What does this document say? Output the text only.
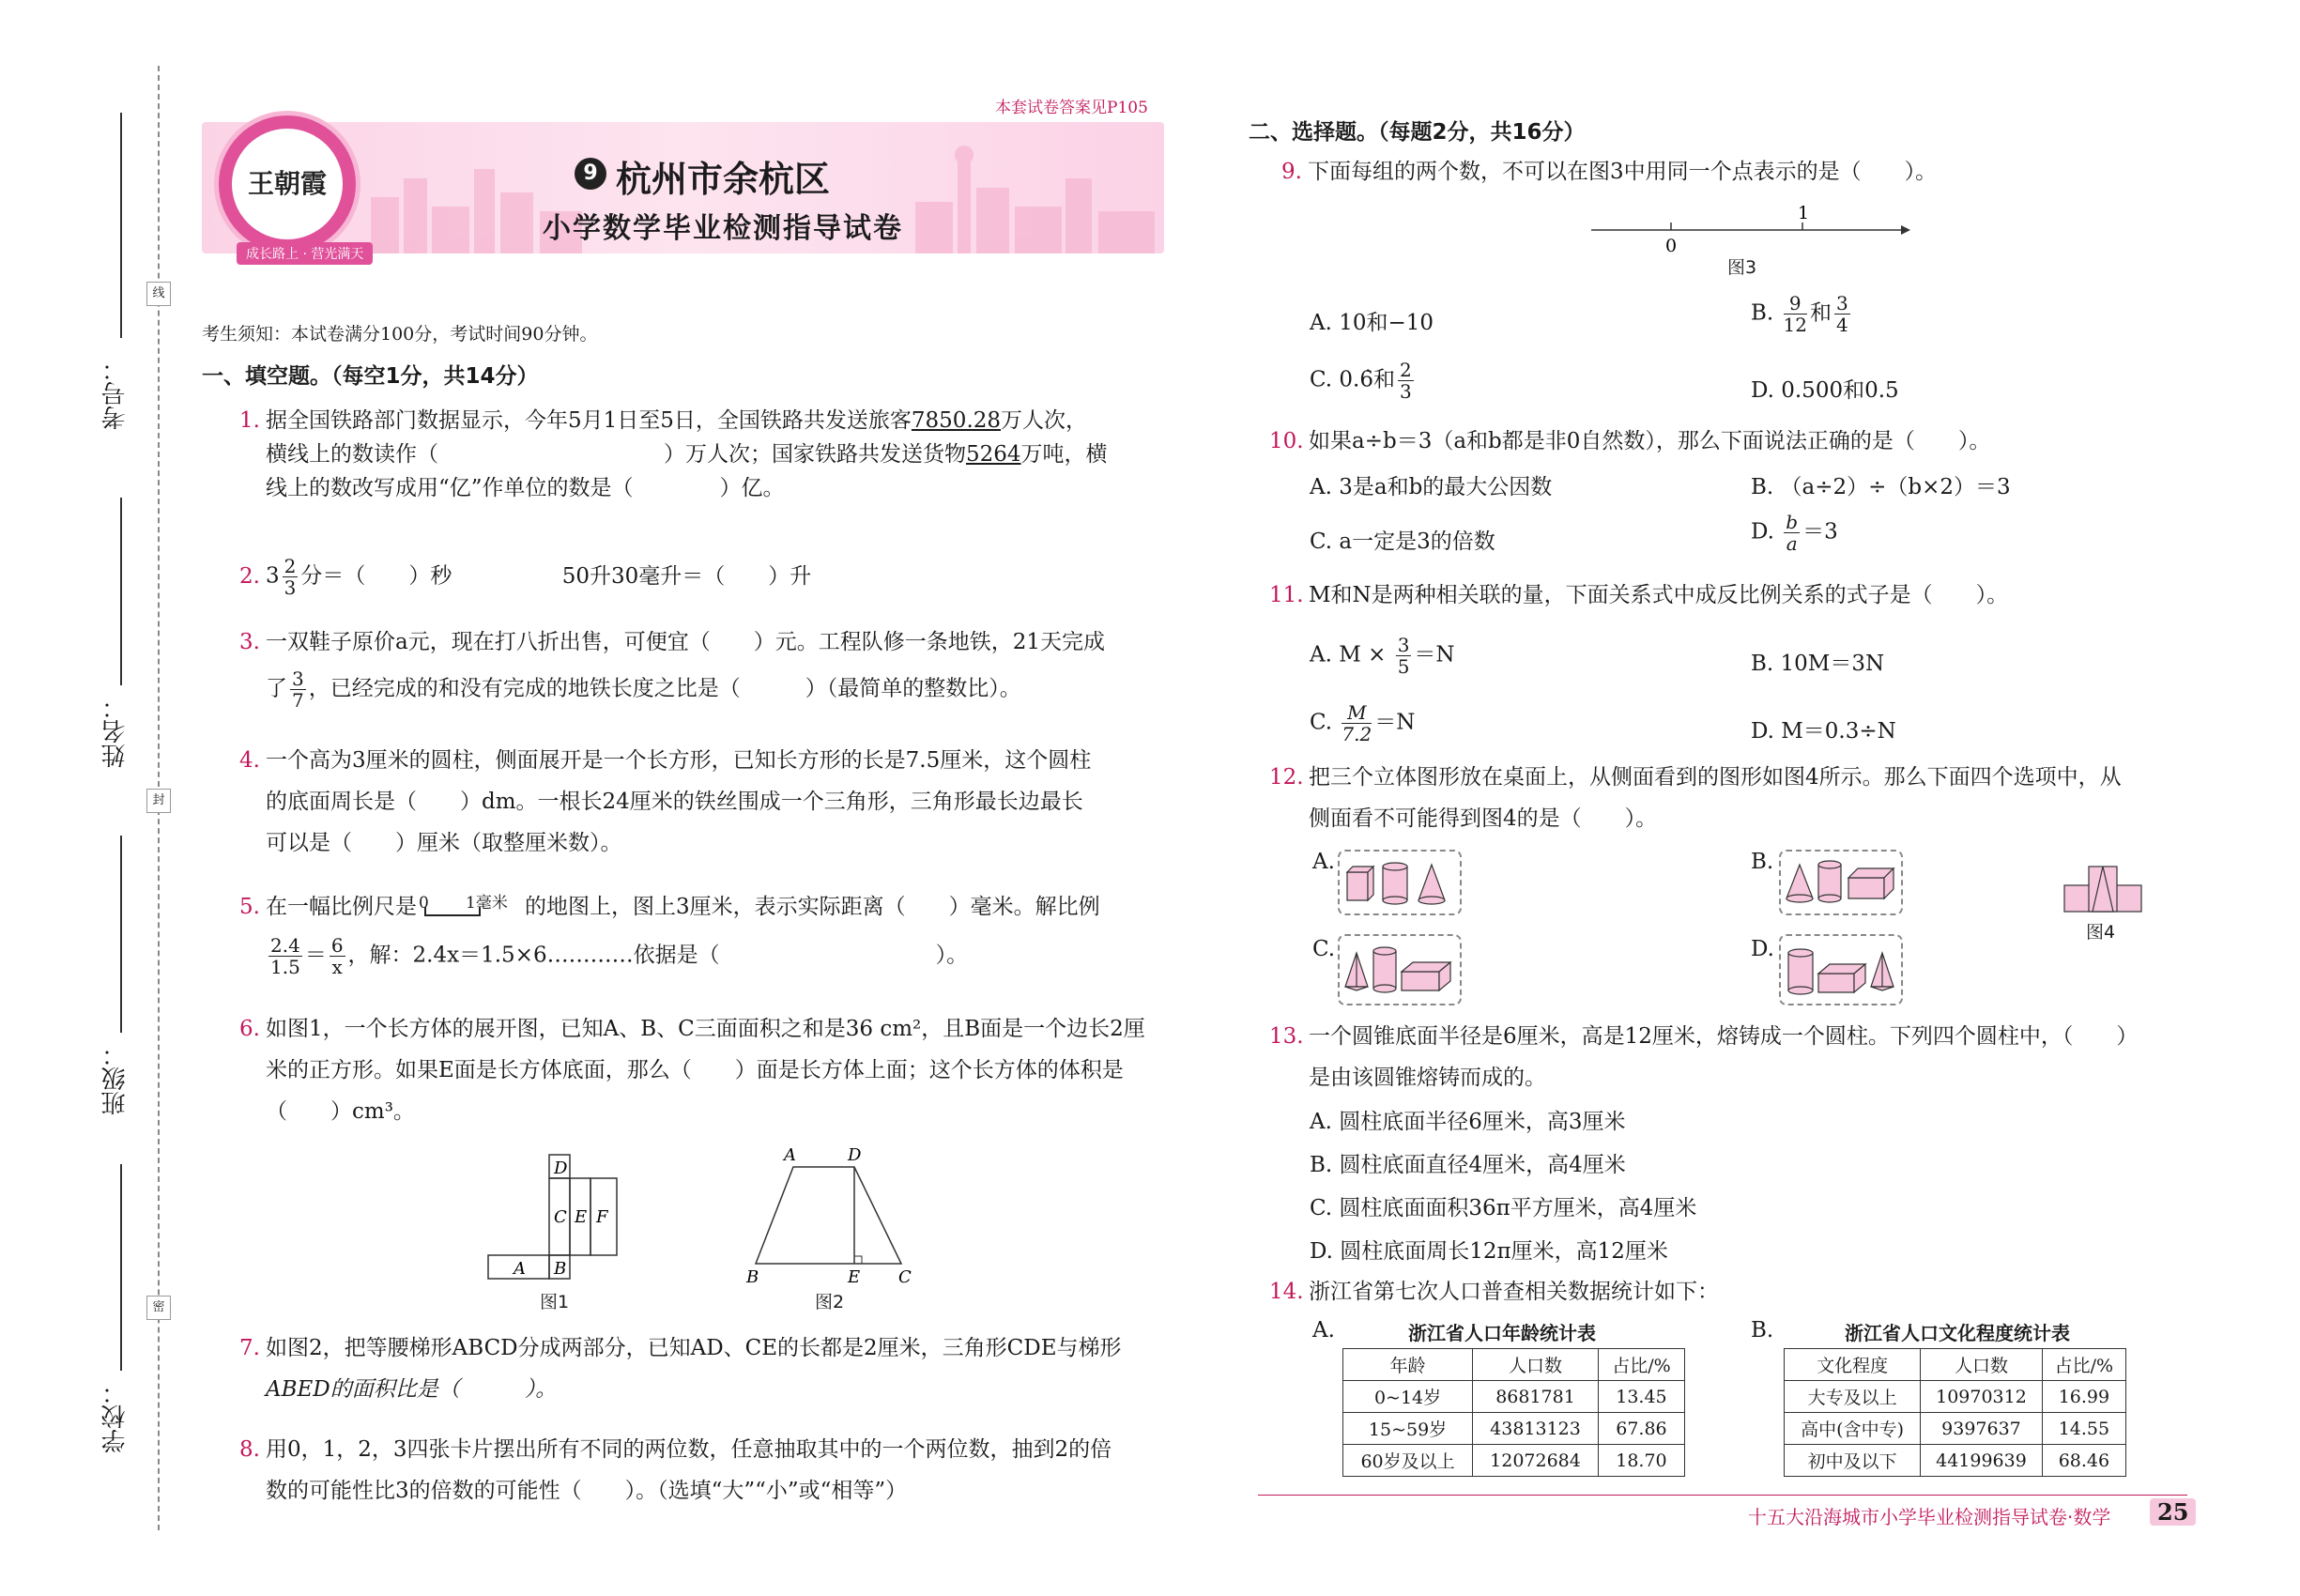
考号：
姓名：
班级：
学校：
线
封
密
本套试卷答案见P105
王朝霞
成长路上 · 营光满天
9 杭州市余杭区
小学数学毕业检测指导试卷
考生须知：本试卷满分100分，考试时间90分钟。
一、填空题。（每空1分，共14分）
1. 据全国铁路部门数据显示，今年5月1日至5日，全国铁路共发送旅客7850.28万人次，
横线上的数读作（	）万人次；国家铁路共发送货物5264万吨，横
线上的数改写成用“亿”作单位的数是（　　　　）亿。
2. $3 \frac{2}{3}$ 分＝（　　）秒	50升30毫升＝（　　）升
3. 一双鞋子原价a元，现在打八折出售，可便宜（　　）元。工程队修一条地铁，21天完成
了 $\frac{3}{7}$ ，已经完成的和没有完成的地铁长度之比是（　　　）（最简单的整数比）。
4. 一个高为3厘米的圆柱，侧面展开是一个长方形，已知长方形的长是7.5厘米，这个圆柱
的底面周长是（　　）dm。一根长24厘米的铁丝围成一个三角形，三角形最长边最长
可以是（　　）厘米（取整厘米数）。
5. 在一幅比例尺是 0 1毫米 的地图上，图上3厘米，表示实际距离（　　）毫米。解比例
$\frac{2.4}{1.5} = \frac{6}{x}$ ，解：2.4x＝1.5×6…………依据是（　　　　　　　　　　）。
6. 如图1，一个长方体的展开图，已知A、B、C三面面积之和是36 cm²，且B面是一个边长2厘
米的正方形。如果E面是长方体底面，那么（　　）面是长方体上面；这个长方体的体积是
（　　）cm³。
D
C E F
A B
图1
A	D
B	E C
图2
7. 如图2，把等腰梯形ABCD分成两部分，已知AD、CE的长都是2厘米，三角形CDE与梯形
ABED的面积比是（　　　）。
8. 用0，1，2，3四张卡片摆出所有不同的两位数，任意抽取其中的一个两位数，抽到2的倍
数的可能性比3的倍数的可能性（　　）。（选填“大”“小”或“相等”）
二、选择题。（每题2分，共16分）
9. 下面每组的两个数，不可以在图3中用同一个点表示的是（　　）。
0
1
图3
A. 10和−10	B. $\frac{9}{12}$ 和 $\frac{3}{4}$
C. 0.6̇和 $\frac{2}{3}$	D. 0.500和0.5
10. 如果a÷b＝3（a和b都是非0自然数），那么下面说法正确的是（　　）。
A. 3是a和b的最大公因数	B. （a÷2）÷（b×2）＝3
C. a一定是3的倍数	D. $\frac{b}{a} =3$
11. M和N是两种相关联的量，下面关系式中成反比例关系的式子是（　　）。
A. $M \times \frac{3}{5} =N$	B. 10M＝3N
C. $\frac{M}{7.2} =N$	D. M＝0.3÷N
12. 把三个立体图形放在桌面上，从侧面看到的图形如图4所示。那么下面四个选项中，从
侧面看不可能得到图4的是（　　）。
A.	B.
C.	D.
图4
13. 一个圆锥底面半径是6厘米，高是12厘米，熔铸成一个圆柱。下列四个圆柱中，（　　）
是由该圆锥熔铸而成的。
A. 圆柱底面半径6厘米，高3厘米
B. 圆柱底面直径4厘米，高4厘米
C. 圆柱底面面积36π平方厘米，高4厘米
D. 圆柱底面周长12π厘米，高12厘米
14. 浙江省第七次人口普查相关数据统计如下：
A.	浙江省人口年龄统计表
年龄	人口数	占比/%
0~14岁	8681781	13.45
15~59岁	43813123	67.86
60岁及以上	12072684	18.70
B.	浙江省人口文化程度统计表
文化程度	人口数	占比/%
大专及以上	10970312	16.99
高中(含中专)	9397637	14.55
初中及以下	44199639	68.46
十五大沿海城市小学毕业检测指导试卷·数学	25
